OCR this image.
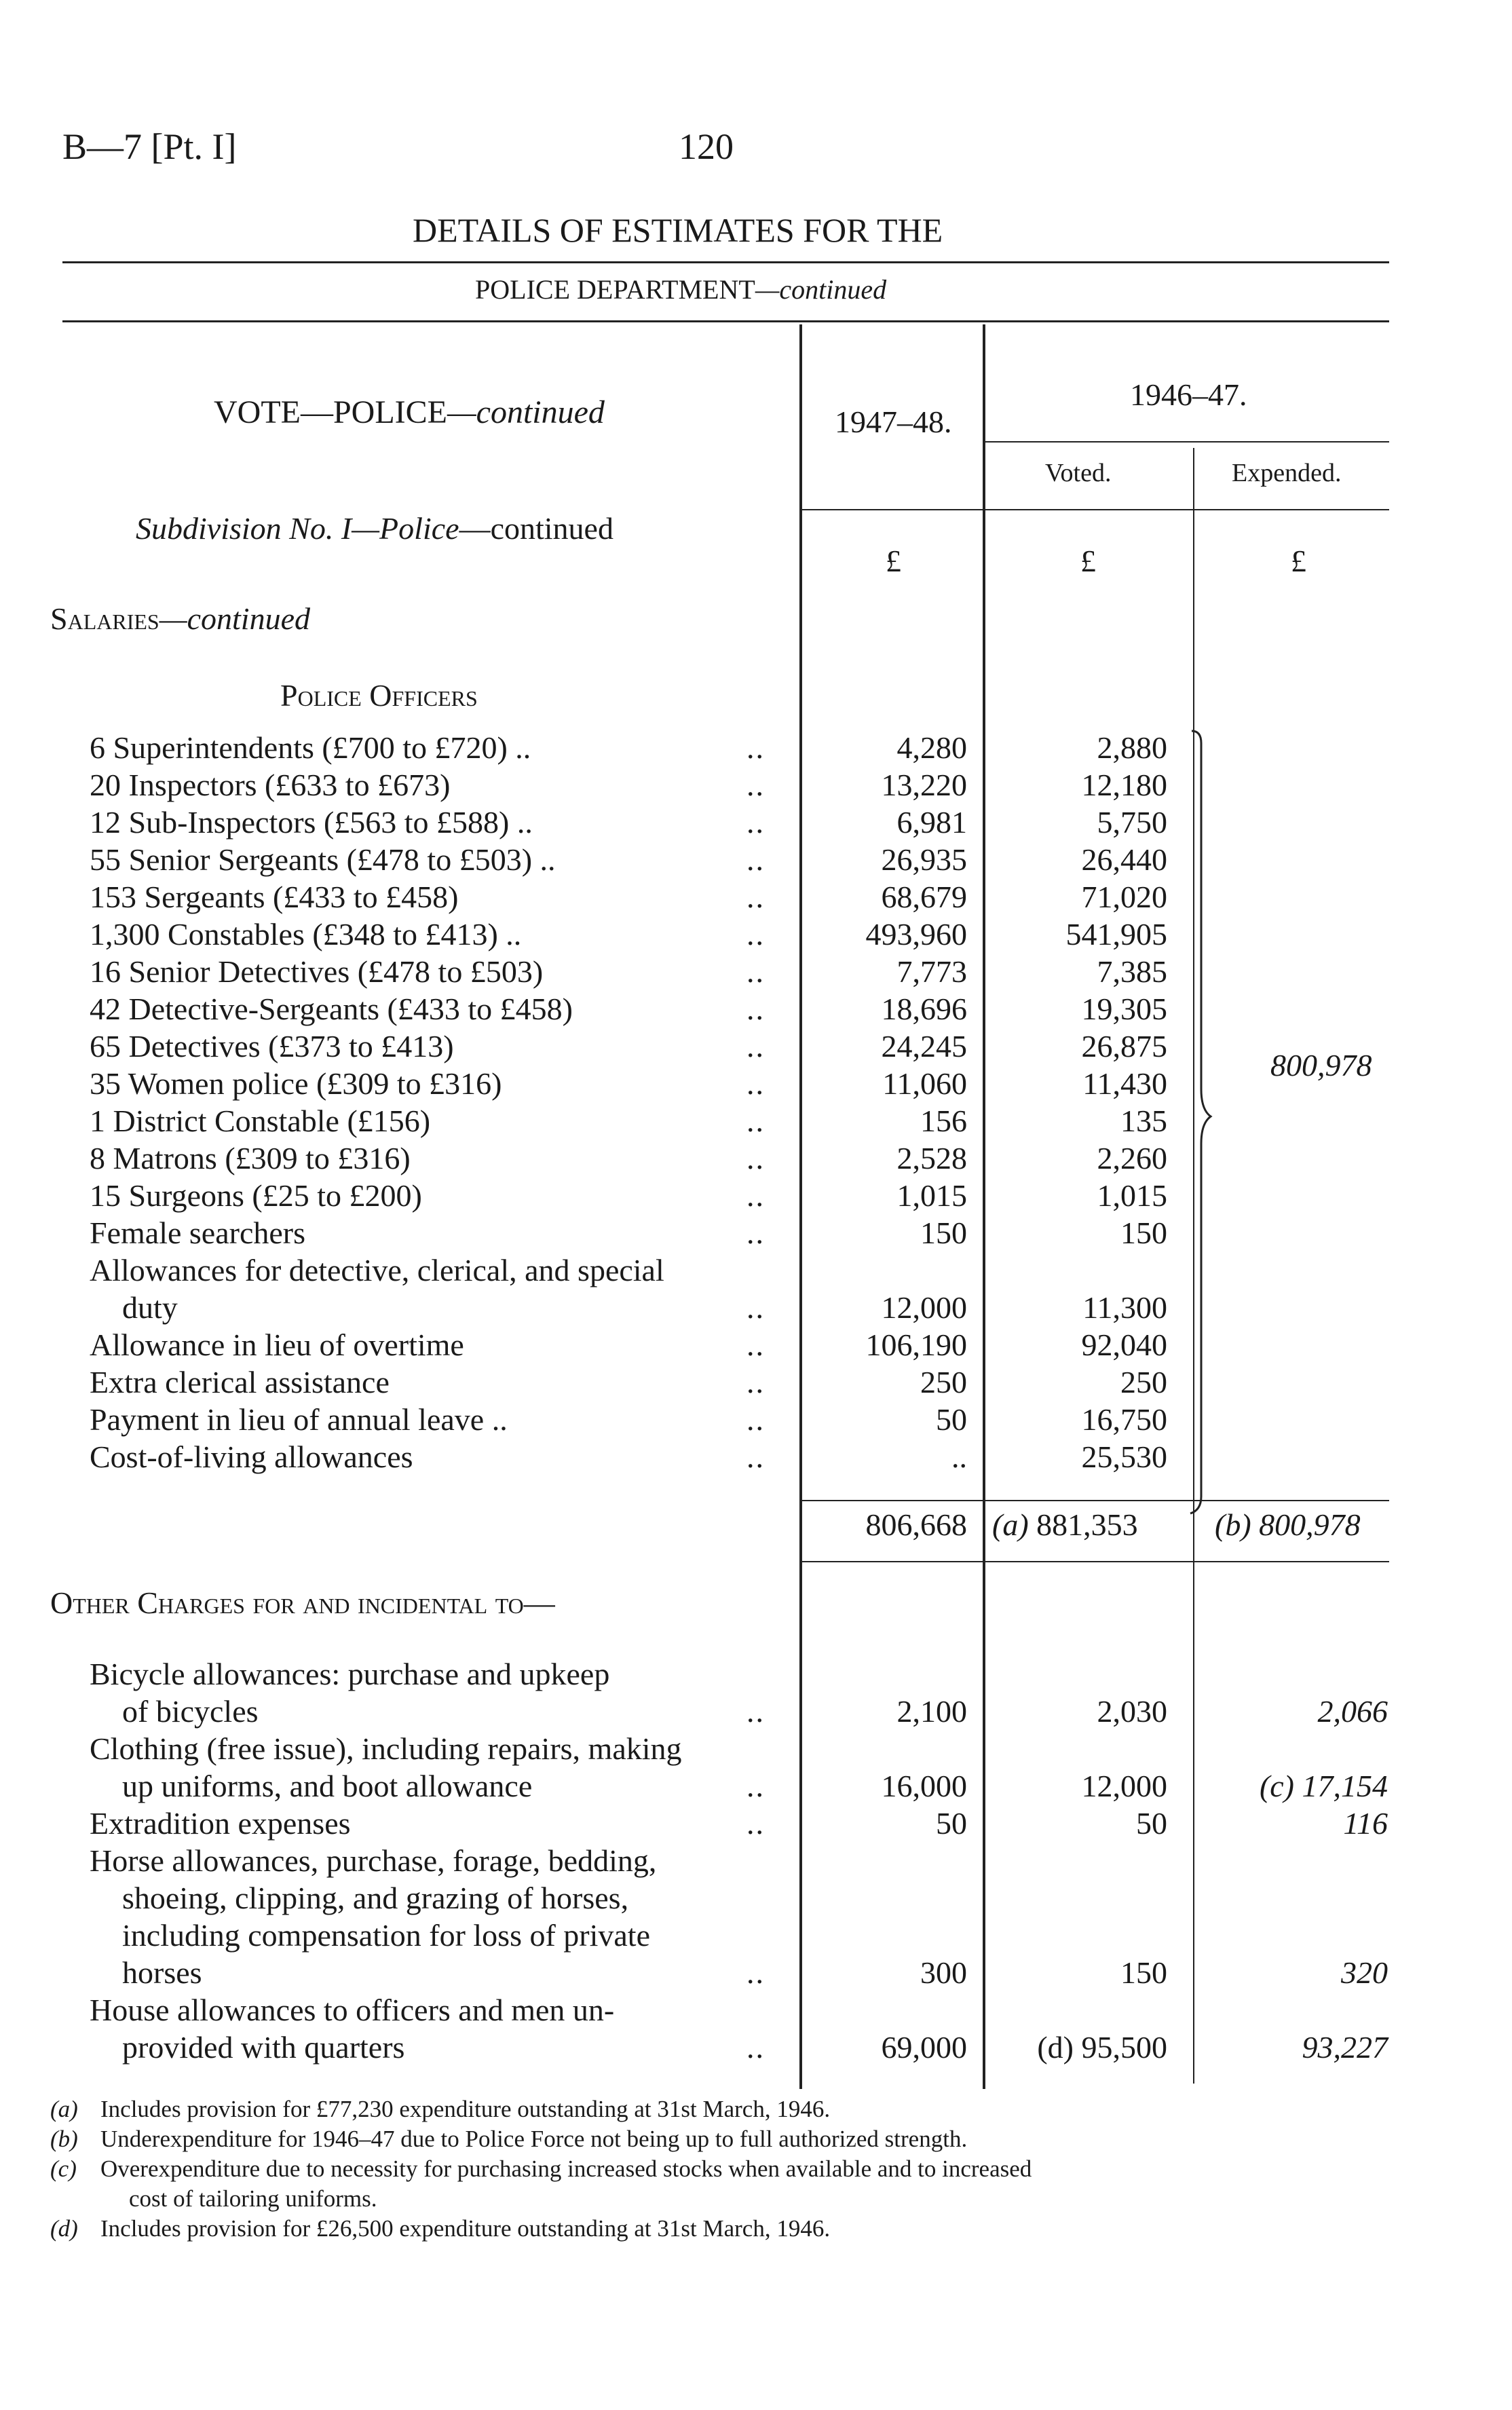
B—7 [Pt. I]	120
DETAILS OF ESTIMATES FOR THE
POLICE DEPARTMENT—continued
VOTE—POLICE—continued	1947–48.
1946–47.
Voted.	Expended.
Subdivision No. I—Police—continued
£	£	£
Salaries—continued
Police Officers
6 Superintendents (£700 to £720) ..	..	4,280	2,880
20 Inspectors (£633 to £673)	..	13,220	12,180
12 Sub-Inspectors (£563 to £588) ..	..	6,981	5,750
55 Senior Sergeants (£478 to £503) ..	..	26,935	26,440
153 Sergeants (£433 to £458)	..	68,679	71,020
1,300 Constables (£348 to £413) ..	..	493,960	541,905
16 Senior Detectives (£478 to £503)	..	7,773	7,385
42 Detective-Sergeants (£433 to £458)	..	18,696	19,305
65 Detectives (£373 to £413)	..	24,245	26,875
35 Women police (£309 to £316)	..	11,060	11,430
1 District Constable (£156)	..	156	135
8 Matrons (£309 to £316)	..	2,528	2,260
15 Surgeons (£25 to £200)	..	1,015	1,015
Female searchers	..	150	150
Allowances for detective, clerical, and special
duty	..	12,000	11,300
Allowance in lieu of overtime	..	106,190	92,040
Extra clerical assistance	..	250	250
Payment in lieu of annual leave ..	..	50	16,750
Cost-of-living allowances	..	..	25,530
800,978
806,668 (a) 881,353 (b) 800,978
Other Charges for and incidental to—
Bicycle allowances: purchase and upkeep
of bicycles	..	2,100	2,030	2,066
Clothing (free issue), including repairs, making
up uniforms, and boot allowance	..	16,000	12,000	(c) 17,154
Extradition expenses	..	50	50	116
Horse allowances, purchase, forage, bedding,
shoeing, clipping, and grazing of horses,
including compensation for loss of private
horses	..	300	150	320
House allowances to officers and men un-
provided with quarters	..	69,000	(d) 95,500	93,227
(a) Includes provision for £77,230 expenditure outstanding at 31st March, 1946.
(b) Underexpenditure for 1946–47 due to Police Force not being up to full authorized strength.
(c) Overexpenditure due to necessity for purchasing increased stocks when available and to increased
cost of tailoring uniforms.
(d) Includes provision for £26,500 expenditure outstanding at 31st March, 1946.
